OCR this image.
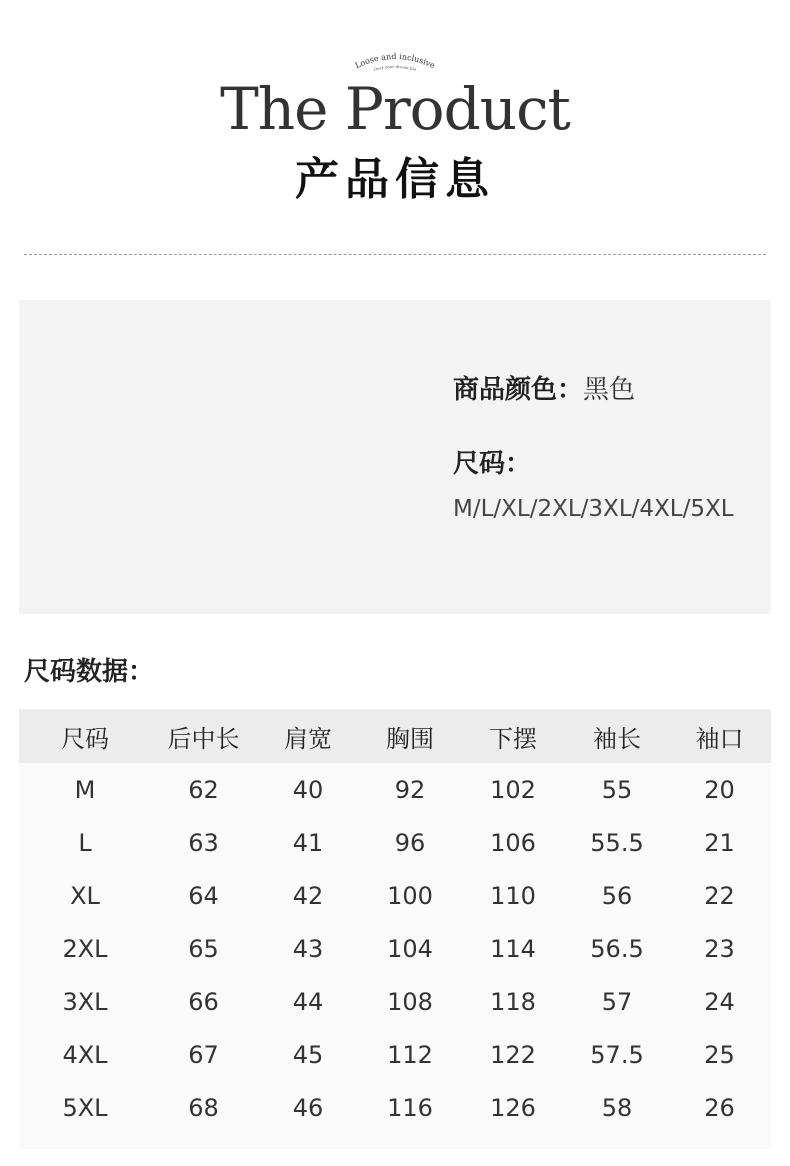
Loose and inclusive
Over your dream life
The Product
产品信息
商品颜色：黑色
尺码：
M/L/XL/2XL/3XL/4XL/5XL
尺码数据：
尺码	后中长	肩宽	胸围	下摆	袖长	袖口
M	62	40	92	102	55	20
L	63	41	96	106	55.5	21
XL	64	42	100	110	56	22
2XL	65	43	104	114	56.5	23
3XL	66	44	108	118	57	24
4XL	67	45	112	122	57.5	25
5XL	68	46	116	126	58	26
